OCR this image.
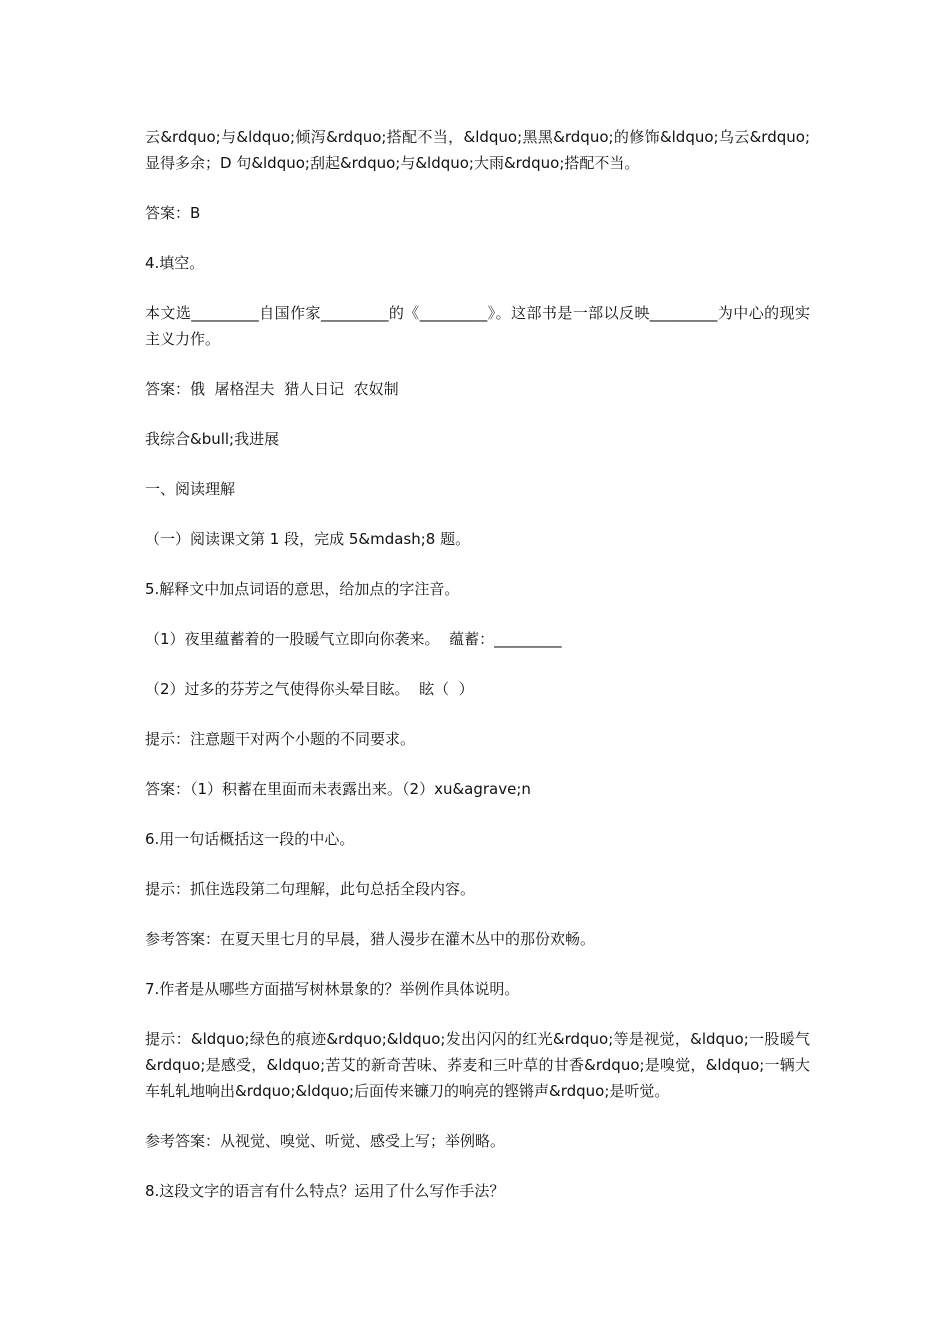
云&rdquo;与&ldquo;倾泻&rdquo;搭配不当，&ldquo;黑黑&rdquo;的修饰&ldquo;乌云&rdquo;显得多余；D 句&ldquo;刮起&rdquo;与&ldquo;大雨&rdquo;搭配不当。

答案：B

4.填空。

本文选_________自国作家_________的《_________》。这部书是一部以反映_________为中心的现实主义力作。

答案：俄  屠格涅夫  猎人日记  农奴制

我综合&bull;我进展

一、阅读理解

（一）阅读课文第 1 段，完成 5&mdash;8 题。

5.解释文中加点词语的意思，给加点的字注音。

（1）夜里蕴蓄着的一股暖气立即向你袭来。  蕴蓄：_________

（2）过多的芬芳之气使得你头晕目眩。  眩（  ）

提示：注意题干对两个小题的不同要求。

答案：（1）积蓄在里面而未表露出来。（2）xu&agrave;n

6.用一句话概括这一段的中心。

提示：抓住选段第二句理解，此句总括全段内容。

参考答案：在夏天里七月的早晨，猎人漫步在灌木丛中的那份欢畅。

7.作者是从哪些方面描写树林景象的？举例作具体说明。

提示：&ldquo;绿色的痕迹&rdquo;&ldquo;发出闪闪的红光&rdquo;等是视觉，&ldquo;一股暖气&rdquo;是感受，&ldquo;苦艾的新奇苦味、荞麦和三叶草的甘香&rdquo;是嗅觉，&ldquo;一辆大车轧轧地响出&rdquo;&ldquo;后面传来镰刀的响亮的铿锵声&rdquo;是听觉。

参考答案：从视觉、嗅觉、听觉、感受上写；举例略。

8.这段文字的语言有什么特点？运用了什么写作手法？
